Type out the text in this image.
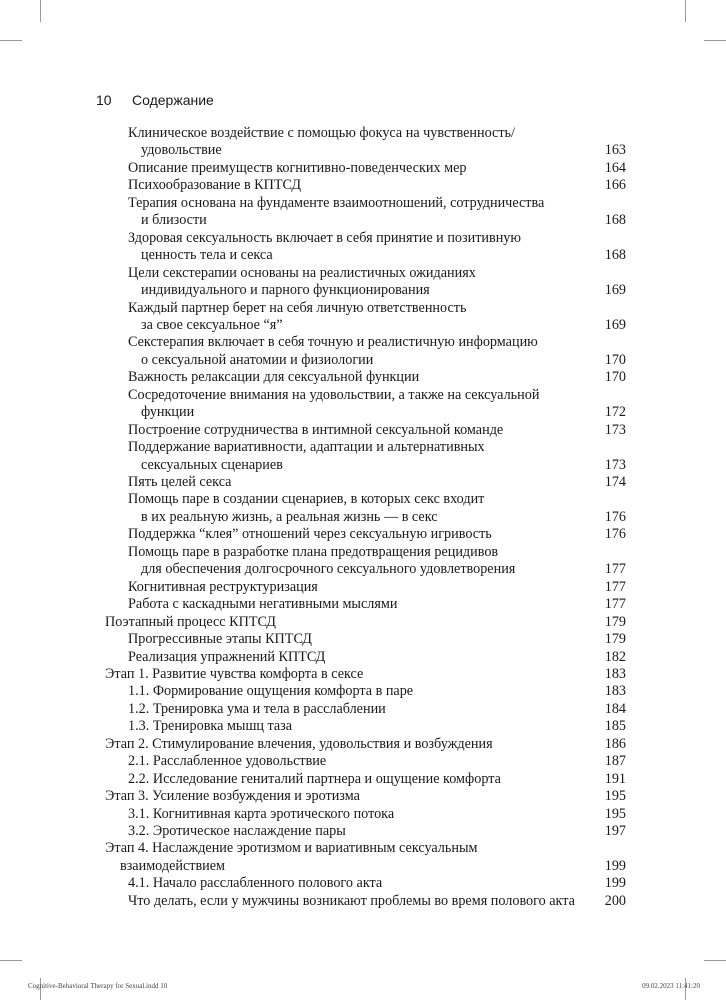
10 Содержание
Клиническое воздействие с помощью фокуса на чувственность/
удовольствие	163
Описание преимуществ когнитивно-поведенческих мер	164
Психообразование в КПТСД	166
Терапия основана на фундаменте взаимоотношений, сотрудничества
и близости	168
Здоровая сексуальность включает в себя принятие и позитивную
ценность тела и секса	168
Цели секстерапии основаны на реалистичных ожиданиях
индивидуального и парного функционирования	169
Каждый партнер берет на себя личную ответственность
за свое сексуальное “я”	169
Секстерапия включает в себя точную и реалистичную информацию
о сексуальной анатомии и физиологии	170
Важность релаксации для сексуальной функции	170
Сосредоточение внимания на удовольствии, а также на сексуальной
функции	172
Построение сотрудничества в интимной сексуальной команде	173
Поддержание вариативности, адаптации и альтернативных
сексуальных сценариев	173
Пять целей секса	174
Помощь паре в создании сценариев, в которых секс входит
в их реальную жизнь, а реальная жизнь — в секс	176
Поддержка “клея” отношений через сексуальную игривость	176
Помощь паре в разработке плана предотвращения рецидивов
для обеспечения долгосрочного сексуального удовлетворения	177
Когнитивная реструктуризация	177
Работа с каскадными негативными мыслями	177
Поэтапный процесс КПТСД	179
Прогрессивные этапы КПТСД	179
Реализация упражнений КПТСД	182
Этап 1. Развитие чувства комфорта в сексе	183
1.1. Формирование ощущения комфорта в паре	183
1.2. Тренировка ума и тела в расслаблении	184
1.3. Тренировка мышц таза	185
Этап 2. Стимулирование влечения, удовольствия и возбуждения	186
2.1. Расслабленное удовольствие	187
2.2. Исследование гениталий партнера и ощущение комфорта	191
Этап 3. Усиление возбуждения и эротизма	195
3.1. Когнитивная карта эротического потока	195
3.2. Эротическое наслаждение пары	197
Этап 4. Наслаждение эротизмом и вариативным сексуальным
взаимодействием	199
4.1. Начало расслабленного полового акта	199
Что делать, если у мужчины возникают проблемы во время полового акта 200
Cognitive-Behavioral Therapy for Sexual.indd 10	09.02.2023 11:41:20
